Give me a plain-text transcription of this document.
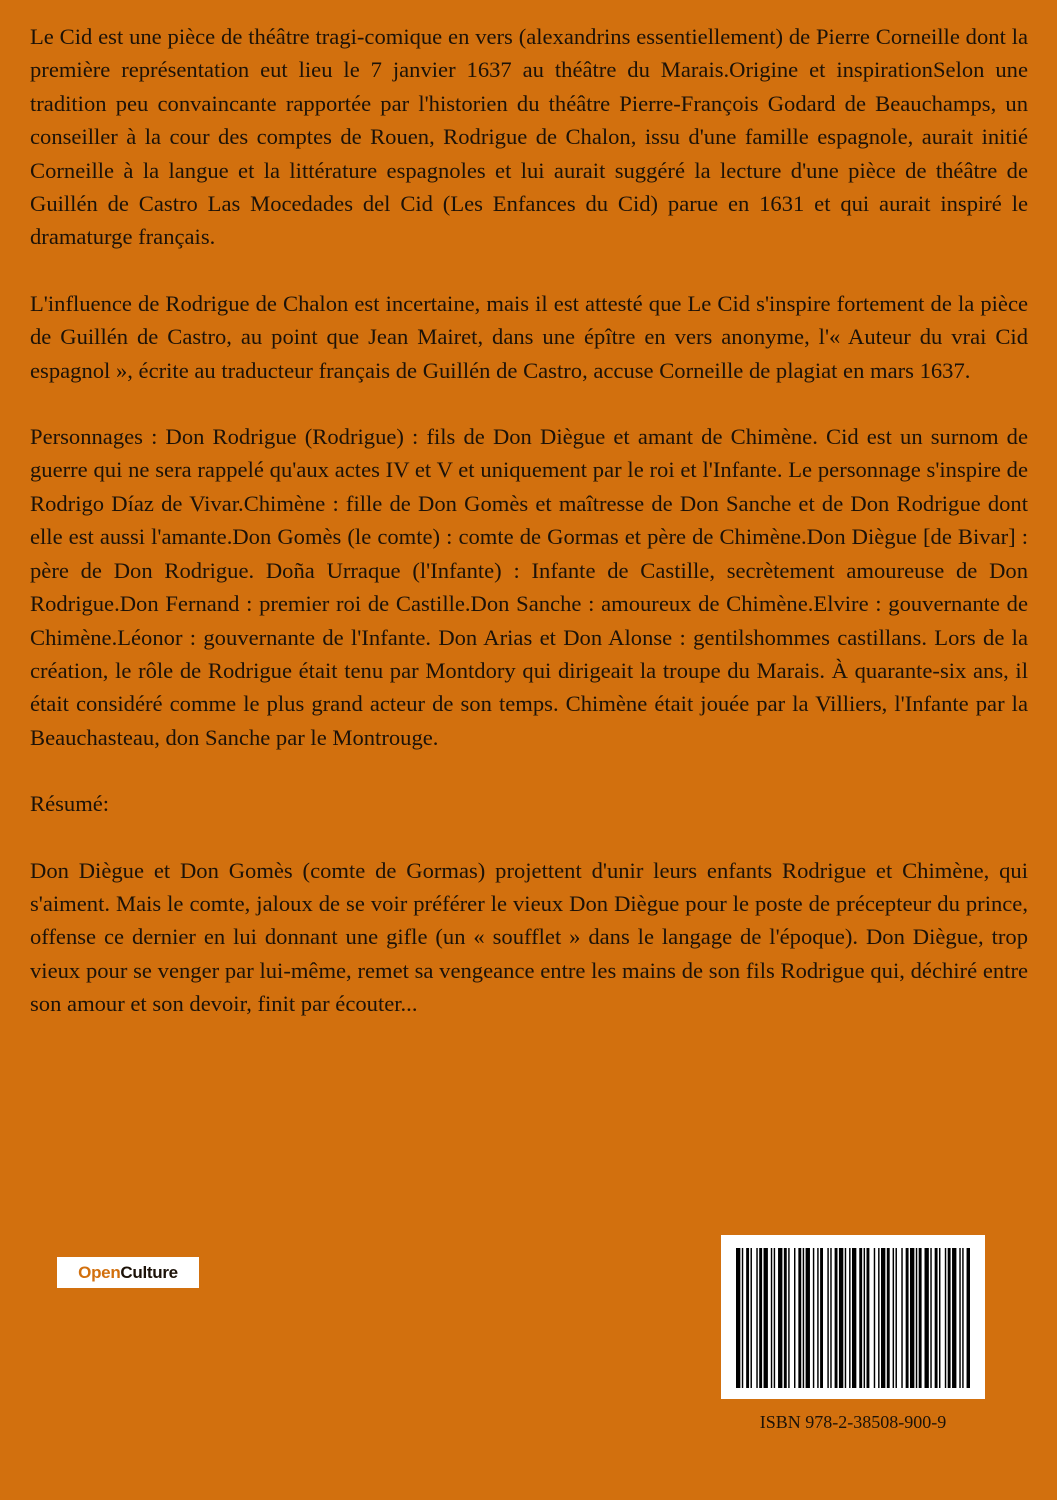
Le Cid est une pièce de théâtre tragi-comique en vers (alexandrins essentiellement) de Pierre Corneille dont la première représentation eut lieu le 7 janvier 1637 au théâtre du Marais.Origine et inspirationSelon une tradition peu convaincante rapportée par l'historien du théâtre Pierre-François Godard de Beauchamps, un conseiller à la cour des comptes de Rouen, Rodrigue de Chalon, issu d'une famille espagnole, aurait initié Corneille à la langue et la littérature espagnoles et lui aurait suggéré la lecture d'une pièce de théâtre de Guillén de Castro Las Mocedades del Cid (Les Enfances du Cid) parue en 1631 et qui aurait inspiré le dramaturge français.

L'influence de Rodrigue de Chalon est incertaine, mais il est attesté que Le Cid s'inspire fortement de la pièce de Guillén de Castro, au point que Jean Mairet, dans une épître en vers anonyme, l'« Auteur du vrai Cid espagnol », écrite au traducteur français de Guillén de Castro, accuse Corneille de plagiat en mars 1637.

Personnages : Don Rodrigue (Rodrigue) : fils de Don Diègue et amant de Chimène. Cid est un surnom de guerre qui ne sera rappelé qu'aux actes IV et V et uniquement par le roi et l'Infante. Le personnage s'inspire de Rodrigo Díaz de Vivar.Chimène : fille de Don Gomès et maîtresse de Don Sanche et de Don Rodrigue dont elle est aussi l'amante.Don Gomès (le comte) : comte de Gormas et père de Chimène.Don Diègue [de Bivar] : père de Don Rodrigue. Doña Urraque (l'Infante) : Infante de Castille, secrètement amoureuse de Don Rodrigue.Don Fernand : premier roi de Castille.Don Sanche : amoureux de Chimène.Elvire : gouvernante de Chimène.Léonor : gouvernante de l'Infante. Don Arias et Don Alonse : gentilshommes castillans. Lors de la création, le rôle de Rodrigue était tenu par Montdory qui dirigeait la troupe du Marais. À quarante-six ans, il était considéré comme le plus grand acteur de son temps. Chimène était jouée par la Villiers, l'Infante par la Beauchasteau, don Sanche par le Montrouge.

Résumé:

Don Diègue et Don Gomès (comte de Gormas) projettent d'unir leurs enfants Rodrigue et Chimène, qui s'aiment. Mais le comte, jaloux de se voir préférer le vieux Don Diègue pour le poste de précepteur du prince, offense ce dernier en lui donnant une gifle (un « soufflet » dans le langage de l'époque). Don Diègue, trop vieux pour se venger par lui-même, remet sa vengeance entre les mains de son fils Rodrigue qui, déchiré entre son amour et son devoir, finit par écouter...

Open Culture
ISBN 978-2-38508-900-9
